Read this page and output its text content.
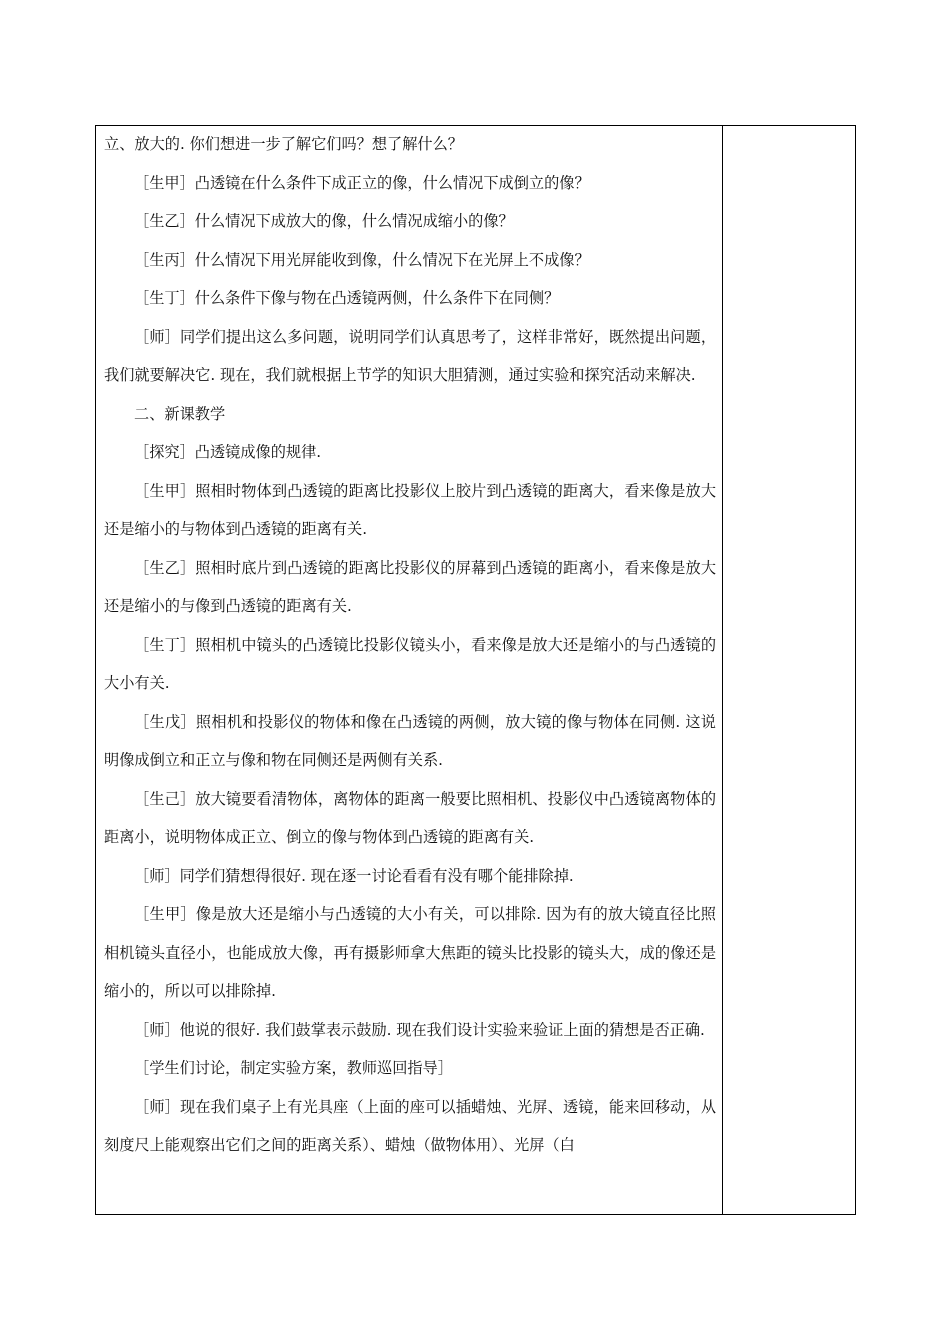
立、放大的. 你们想进一步了解它们吗？想了解什么？

［生甲］凸透镜在什么条件下成正立的像，什么情况下成倒立的像？

［生乙］什么情况下成放大的像，什么情况成缩小的像？

［生丙］什么情况下用光屏能收到像，什么情况下在光屏上不成像？

［生丁］什么条件下像与物在凸透镜两侧，什么条件下在同侧？

［师］同学们提出这么多问题，说明同学们认真思考了，这样非常好，既然提出问题，我们就要解决它. 现在，我们就根据上节学的知识大胆猜测，通过实验和探究活动来解决.

二、新课教学

［探究］凸透镜成像的规律.

［生甲］照相时物体到凸透镜的距离比投影仪上胶片到凸透镜的距离大，看来像是放大还是缩小的与物体到凸透镜的距离有关.

［生乙］照相时底片到凸透镜的距离比投影仪的屏幕到凸透镜的距离小，看来像是放大还是缩小的与像到凸透镜的距离有关.

［生丁］照相机中镜头的凸透镜比投影仪镜头小，看来像是放大还是缩小的与凸透镜的大小有关.

［生戊］照相机和投影仪的物体和像在凸透镜的两侧，放大镜的像与物体在同侧. 这说明像成倒立和正立与像和物在同侧还是两侧有关系.

［生己］放大镜要看清物体，离物体的距离一般要比照相机、投影仪中凸透镜离物体的距离小，说明物体成正立、倒立的像与物体到凸透镜的距离有关.

［师］同学们猜想得很好. 现在逐一讨论看看有没有哪个能排除掉.

［生甲］像是放大还是缩小与凸透镜的大小有关，可以排除. 因为有的放大镜直径比照相机镜头直径小，也能成放大像，再有摄影师拿大焦距的镜头比投影的镜头大，成的像还是缩小的，所以可以排除掉.

［师］他说的很好. 我们鼓掌表示鼓励. 现在我们设计实验来验证上面的猜想是否正确.

［学生们讨论，制定实验方案，教师巡回指导］

［师］现在我们桌子上有光具座（上面的座可以插蜡烛、光屏、透镜，能来回移动，从刻度尺上能观察出它们之间的距离关系）、蜡烛（做物体用）、光屏（白
